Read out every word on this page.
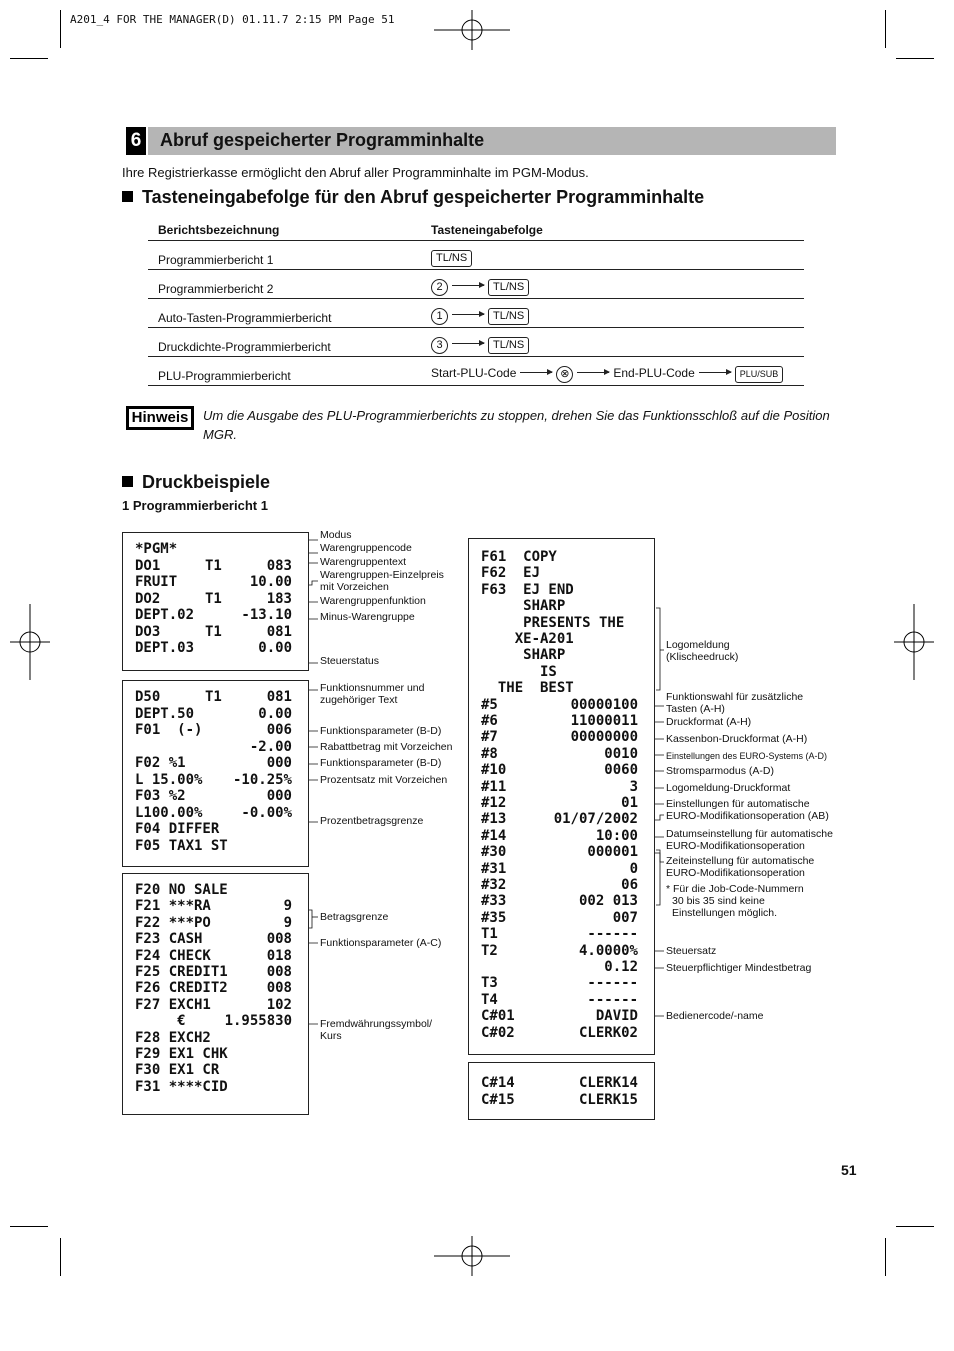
A201_4 FOR THE MANAGER(D) 01.11.7 2:15 PM Page 51
6 Abruf gespeicherter Programminhalte
Ihre Registrierkasse ermöglicht den Abruf aller Programminhalte im PGM-Modus.
Tasteneingabefolge für den Abruf gespeicherter Programminhalte
Berichtsbezeichnung	Tasteneingabefolge
Programmierbericht 1	TL/NS
Programmierbericht 2	2 TL/NS
Auto-Tasten-Programmierbericht	1 TL/NS
Druckdichte-Programmierbericht	3 TL/NS
PLU-Programmierbericht	Start-PLU-Code ⊗ End-PLU-Code PLU/SUB
Hinweis	Um die Ausgabe des PLU-Programmierberichts zu stoppen, drehen Sie das Funktionsschloß auf die Position MGR.
Druckbeispiele
1 Programmierbericht 1
*PGM*
DO1	T1	083
FRUIT	10.00
DO2	T1	183
DEPT.02	-13.10
DO3	T1	081
DEPT.03	0.00
D50	T1	081
DEPT.50	0.00
F01  (-)	006
-2.00
F02 %1	000
L 15.00% -10.25%
F03 %2	000
L100.00%	-0.00%
F04 DIFFER
F05 TAX1 ST
F20 NO SALE
F21 ***RA	9
F22 ***PO	9
F23 CASH	008
F24 CHECK	018
F25 CREDIT1	008
F26 CREDIT2	008
F27 EXCH1	102
€	1.955830
F28 EXCH2
F29 EX1 CHK
F30 EX1 CR
F31 ****CID
F61  COPY
F62  EJ
F63  EJ END
SHARP
PRESENTS THE
XE-A201
SHARP
IS
THE  BEST
#5	00000100
#6	11000011
#7	00000000
#8	0010
#10	0060
#11	3
#12	01
#13	01/07/2002
#14	10:00
#30	000001
#31	0
#32	06
#33	002 013
#35	007
T1	------
T2	4.0000%
0.12
T3	------
T4	------
C#01	DAVID
C#02	CLERK02
C#14	CLERK14
C#15	CLERK15
Modus
Warengruppencode
Warengruppentext
Warengruppen-Einzelpreis
mit Vorzeichen
Warengruppenfunktion
Minus-Warengruppe
Steuerstatus
Funktionsnummer und
zugehöriger Text
Funktionsparameter (B-D)
Rabattbetrag mit Vorzeichen
Funktionsparameter (B-D)
Prozentsatz mit Vorzeichen
Prozentbetragsgrenze
Betragsgrenze
Funktionsparameter (A-C)
Fremdwährungssymbol/
Kurs
Logomeldung
(Klischeedruck)
Funktionswahl für zusätzliche
Tasten (A-H)
Druckformat (A-H)
Kassenbon-Druckformat (A-H)
Einstellungen des EURO-Systems (A-D)
Stromsparmodus (A-D)
Logomeldung-Druckformat
Einstellungen für automatische
EURO-Modifikationsoperation (AB)
Datumseinstellung für automatische
EURO-Modifikationsoperation
Zeiteinstellung für automatische
EURO-Modifikationsoperation
* Für die Job-Code-Nummern
30 bis 35 sind keine
Einstellungen möglich.
Steuersatz
Steuerpflichtiger Mindestbetrag
Bedienercode/-name
51
